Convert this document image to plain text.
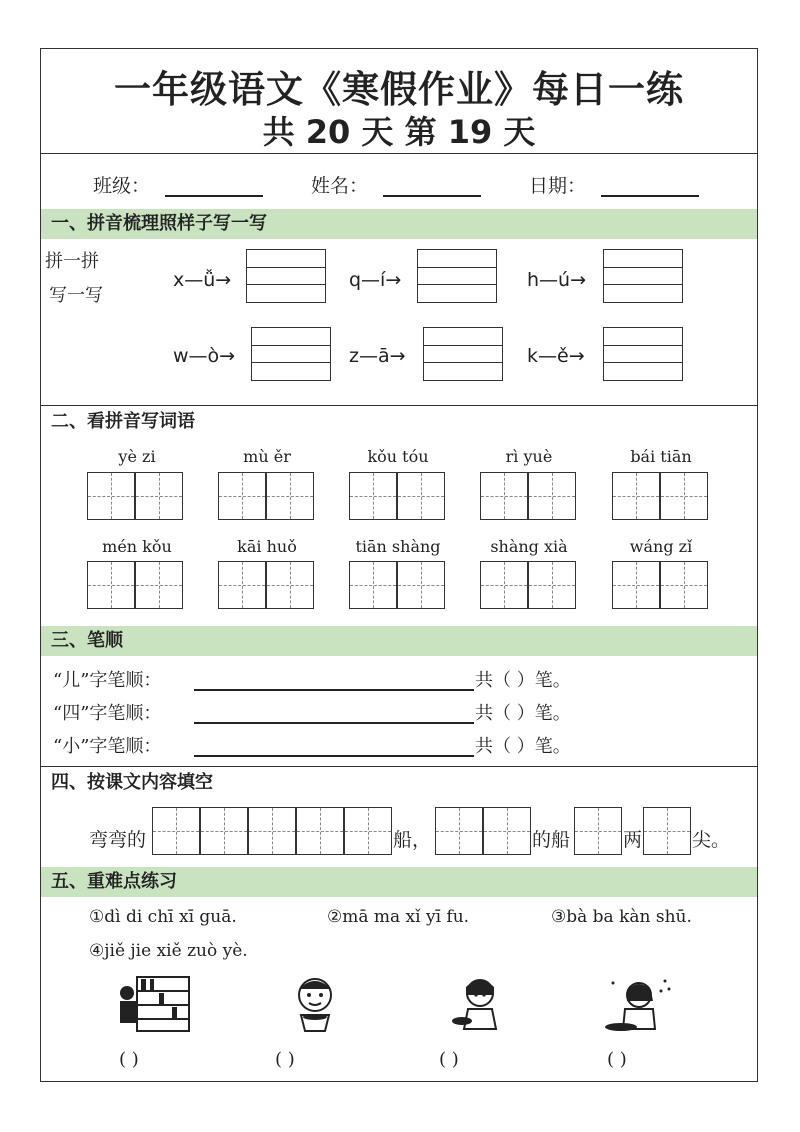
一年级语文《寒假作业》每日一练
共 20 天 第 19 天
班级：	姓名：	日期：
一、拼音梳理照样子写一写
拼一拼
写一写
x—ǚ→	q—í→	h—ú→
w—ò→	z—ā→	k—ě→
二、看拼音写词语
yè zi	mù ěr	kǒu tóu	rì yuè	bái tiān
mén kǒu	kāi huǒ	tiān shàng	shàng xià	wáng zǐ
三、笔顺
“儿”字笔顺：	共（ ）笔。
“四”字笔顺：	共（ ）笔。
“小”字笔顺：	共（ ）笔。
四、按课文内容填空
弯弯的	船，	的船	两	尖。
五、重难点练习
①dì di chī xī guā.	②mā ma xǐ yī fu.	③bà ba kàn shū.
④jiě jie xiě zuò yè.
( )	( )	( )	( )
